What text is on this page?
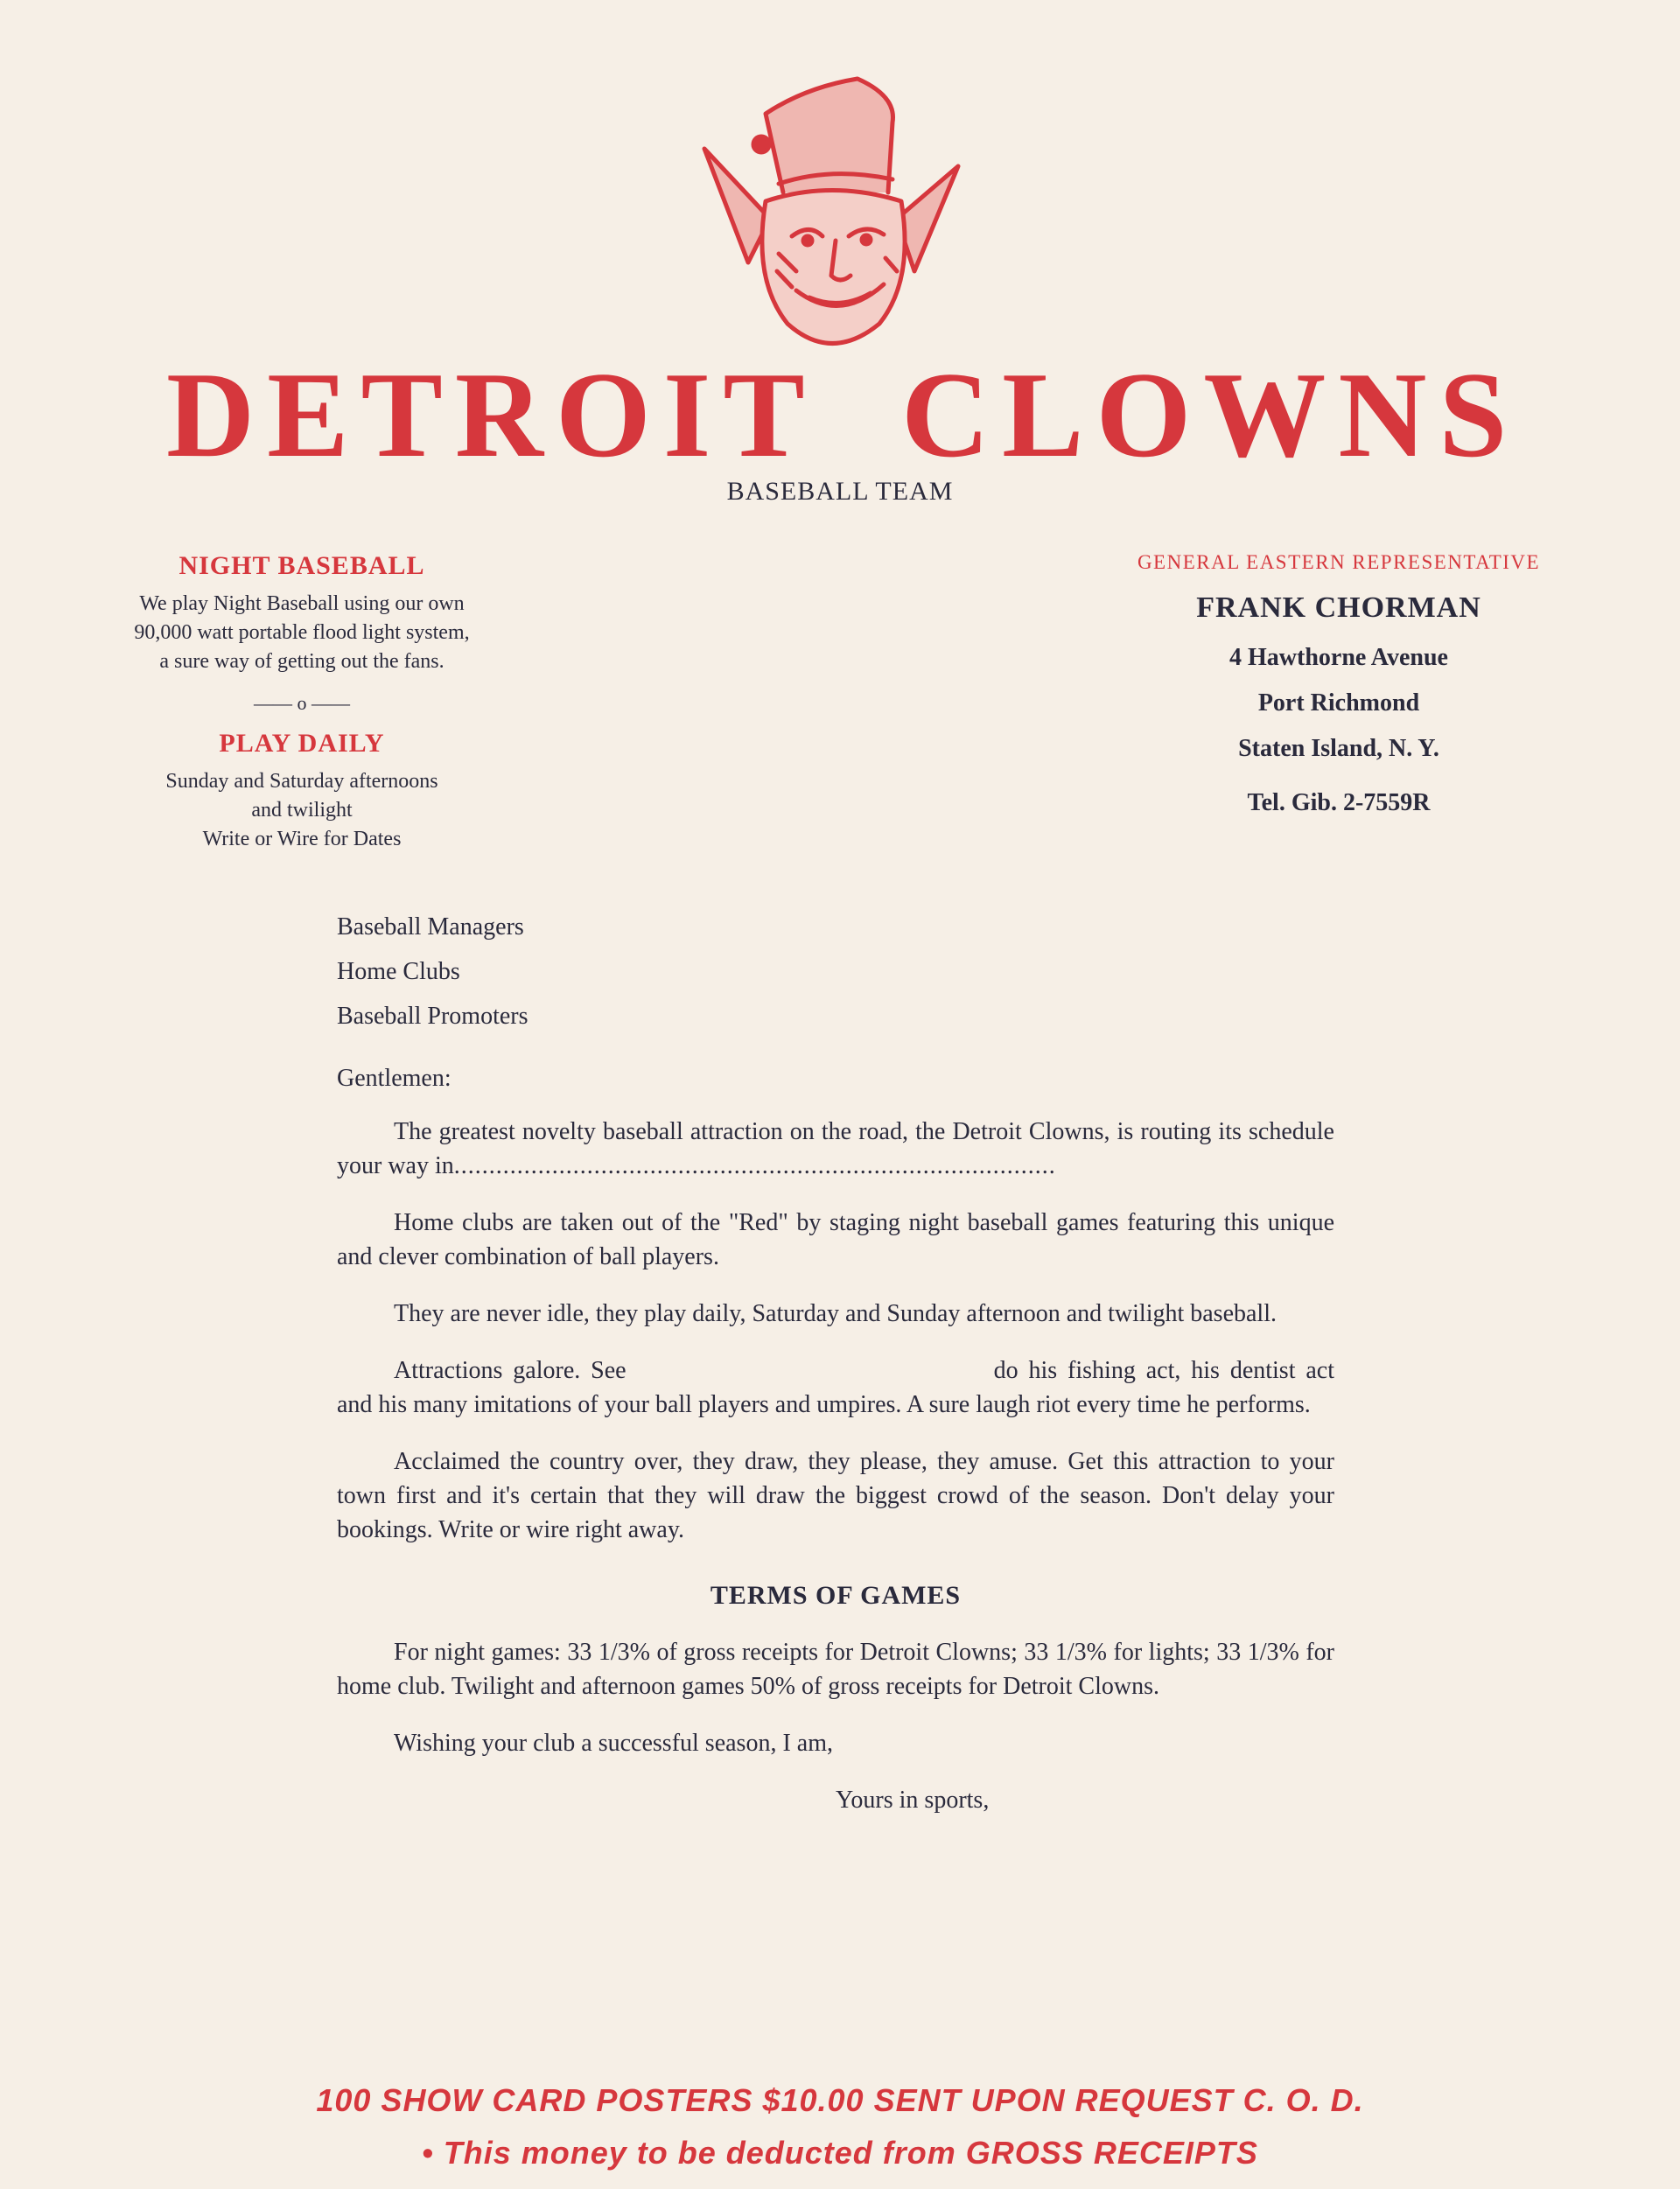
DETROIT CLOWNS
BASEBALL TEAM

NIGHT BASEBALL

We play Night Baseball using our own

90,000 watt portable flood light system,

a sure way of getting out the fans.

—— o ——

PLAY DAILY

Sunday and Saturday afternoons

and twilight

Write or Wire for Dates

GENERAL EASTERN REPRESENTATIVE

FRANK CHORMAN

4 Hawthorne Avenue

Port Richmond

Staten Island, N. Y.

Tel. Gib. 2-7559R

Baseball Managers

Home Clubs

Baseball Promoters

Gentlemen:

The greatest novelty baseball attraction on the road, the Detroit Clowns, is routing its schedule your way in......................................................................................

Home clubs are taken out of the "Red" by staging night baseball games featuring this unique and clever combination of ball players.

They are never idle, they play daily, Saturday and Sunday afternoon and twilight baseball.

Attractions galore. See	do his fishing act, his dentist act and his many imitations of your ball players and umpires. A sure laugh riot every time he performs.

Acclaimed the country over, they draw, they please, they amuse. Get this attraction to your town first and it's certain that they will draw the biggest crowd of the season. Don't delay your bookings. Write or wire right away.

TERMS OF GAMES

For night games: 33 1/3% of gross receipts for Detroit Clowns; 33 1/3% for lights; 33 1/3% for home club. Twilight and afternoon games 50% of gross receipts for Detroit Clowns.

Wishing your club a successful season, I am,

Yours in sports,

100 SHOW CARD POSTERS $10.00 SENT UPON REQUEST C. O. D.
• This money to be deducted from GROSS RECEIPTS
